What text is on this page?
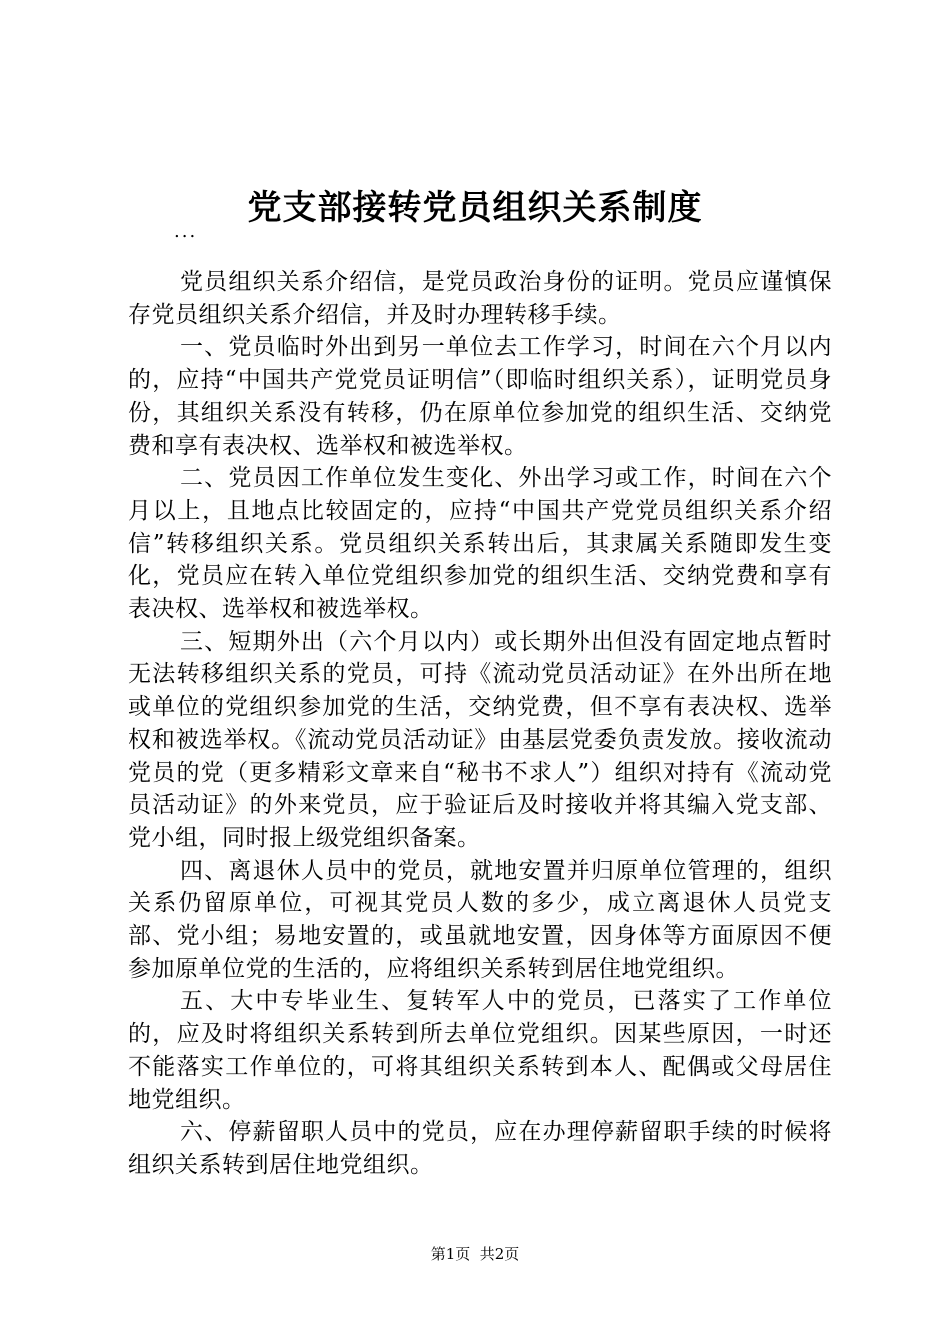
党支部接转党员组织关系制度
...

党员组织关系介绍信，是党员政治身份的证明。党员应谨慎保存党员组织关系介绍信，并及时办理转移手续。

一、党员临时外出到另一单位去工作学习，时间在六个月以内的，应持“中国共产党党员证明信”（即临时组织关系），证明党员身份，其组织关系没有转移，仍在原单位参加党的组织生活、交纳党费和享有表决权、选举权和被选举权。

二、党员因工作单位发生变化、外出学习或工作，时间在六个月以上，且地点比较固定的，应持“中国共产党党员组织关系介绍信”转移组织关系。党员组织关系转出后，其隶属关系随即发生变化，党员应在转入单位党组织参加党的组织生活、交纳党费和享有表决权、选举权和被选举权。

三、短期外出（六个月以内）或长期外出但没有固定地点暂时无法转移组织关系的党员，可持《流动党员活动证》在外出所在地或单位的党组织参加党的生活，交纳党费，但不享有表决权、选举权和被选举权。《流动党员活动证》由基层党委负责发放。接收流动党员的党（更多精彩文章来自“秘书不求人”）组织对持有《流动党员活动证》的外来党员，应于验证后及时接收并将其编入党支部、党小组，同时报上级党组织备案。

四、离退休人员中的党员，就地安置并归原单位管理的，组织关系仍留原单位，可视其党员人数的多少，成立离退休人员党支部、党小组；易地安置的，或虽就地安置，因身体等方面原因不便参加原单位党的生活的，应将组织关系转到居住地党组织。

五、大中专毕业生、复转军人中的党员，已落实了工作单位的，应及时将组织关系转到所去单位党组织。因某些原因，一时还不能落实工作单位的，可将其组织关系转到本人、配偶或父母居住地党组织。

六、停薪留职人员中的党员，应在办理停薪留职手续的时候将组织关系转到居住地党组织。

第1页  共2页
